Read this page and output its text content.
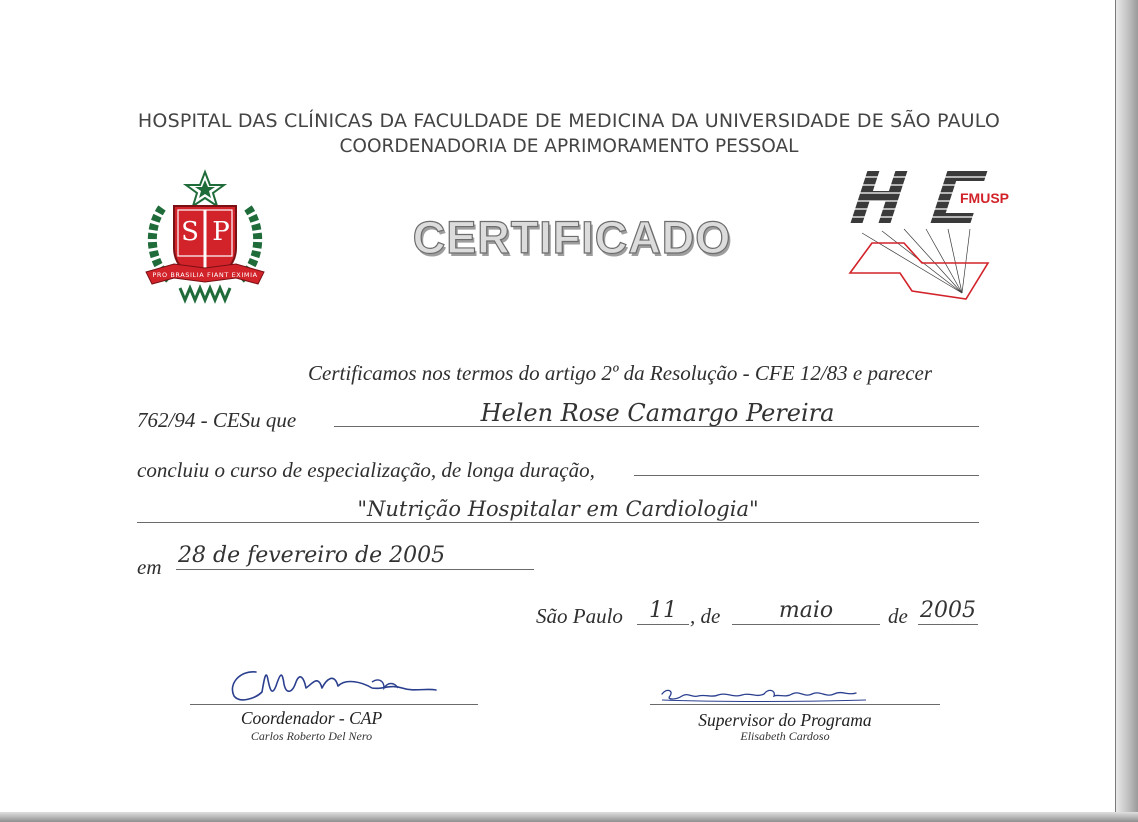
HOSPITAL DAS CLÍNICAS DA FACULDADE DE MEDICINA DA UNIVERSIDADE DE SÃO PAULO
COORDENADORIA DE APRIMORAMENTO PESSOAL
S P
PRO BRASILIA FIANT EXIMIA
FMUSP
CERTIFICADO
Certificamos nos termos do artigo 2º da Resolução - CFE 12/83 e parecer
762/94 - CESu que	Helen Rose Camargo Pereira
concluiu o curso de especialização, de longa duração,
"Nutrição Hospitalar em Cardiologia"
em 28 de fevereiro de 2005
São Paulo	11 , de	maio	de 2005
Coordenador - CAP
Carlos Roberto Del Nero
Supervisor do Programa
Elisabeth Cardoso
